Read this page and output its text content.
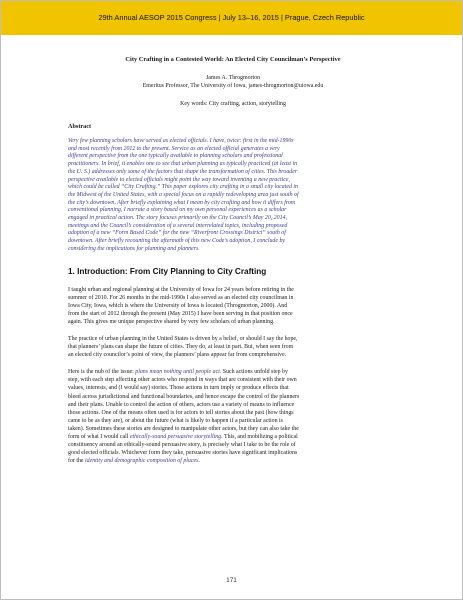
29th Annual AESOP 2015 Congress | July 13–16, 2015 | Prague, Czech Republic
City Crafting in a Contested World: An Elected City Councilman’s Perspective
James A. Throgmorton
Emeritus Professor, The University of Iowa, james-throgmorton@uiowa.edu
Key words: City crafting, action, storytelling
Abstract
Very few planning scholars have served as elected officials. I have, twice: first in the mid-1990s
and most recently from 2012 to the present. Service as an elected official generates a very
different perspective from the one typically available to planning scholars and professional
practitioners. In brief, it enables one to see that urban planning as typically practiced (at least in
the U. S.) addresses only some of the factors that shape the transformation of cities. This broader
perspective available to elected officials might point the way toward inventing a new practice,
which could be called “City Crafting.” This paper explores city crafting in a small city located in
the Midwest of the United States, with a special focus on a rapidly redeveloping area just south of
the city’s downtown. After briefly explaining what I mean by city crafting and how it differs from
conventional planning, I narrate a story based on my own personal experiences as a scholar
engaged in practical action. The story focuses primarily on the City Council’s May 20, 2014,
meetings and the Council’s consideration of a several interrelated topics, including proposed
adoption of a new “Form Based Code” for the new “Riverfront Crossings District” south of
downtown. After briefly recounting the aftermath of this new Code’s adoption, I conclude by
considering the implications for planning and planners.
1. Introduction: From City Planning to City Crafting
I taught urban and regional planning at the University of Iowa for 24 years before retiring in the
summer of 2010. For 26 months in the mid-1990s I also served as an elected city councilman in
Iowa City, Iowa, which is where the University of Iowa is located (Throgmorton, 2000). And
from the start of 2012 through the present (May 2015) I have been serving in that position once
again. This gives me unique perspective shared by very few scholars of urban planning.
The practice of urban planning in the United States is driven by a belief, or should I say the hope,
that planners’ plans can shape the future of cities. They do, at least in part. But, when seen from
an elected city councilor’s point of view, the planners’ plans appear far from comprehensive.
Here is the nub of the issue: plans mean nothing until people act. Such actions unfold step by
step, with each step affecting other actors who respond in ways that are consistent with their own
values, interests, and (I would say) stories. Those actions in turn imply or produce effects that
bleed across jurisdictional and functional boundaries, and hence escape the control of the planners
and their plans. Unable to control the action of others, actors use a variety of means to influence
those actions. One of the means often used is for actors to tell stories about the past (how things
came to be as they are), or about the future (what is likely to happen if a particular action is
taken). Sometimes these stories are designed to manipulate other actors, but they can also take the
form of what I would call ethically-sound persuasive storytelling. This, and mobilizing a political
constituency around an ethically-sound persuasive story, is precisely what I take to be the role of
good elected officials. Whichever form they take, persuasive stories have significant implications
for the identity and demographic composition of places.
171
